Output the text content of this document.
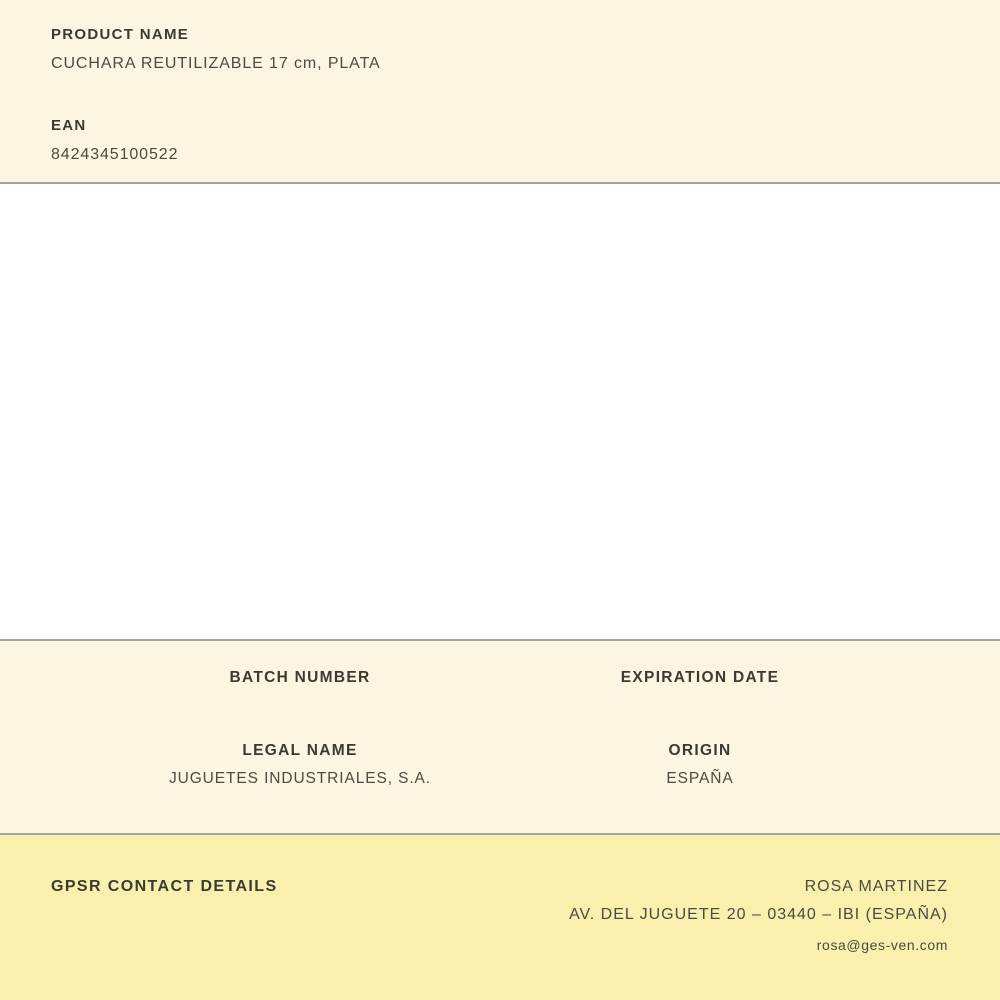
PRODUCT NAME
CUCHARA REUTILIZABLE 17 cm, PLATA
EAN
8424345100522
BATCH NUMBER	EXPIRATION DATE
LEGAL NAME
JUGUETES INDUSTRIALES, S.A.
ORIGIN
ESPAÑA
GPSR CONTACT DETAILS	ROSA MARTINEZ
AV. DEL JUGUETE 20 – 03440 – IBI (ESPAÑA)
rosa@ges-ven.com
